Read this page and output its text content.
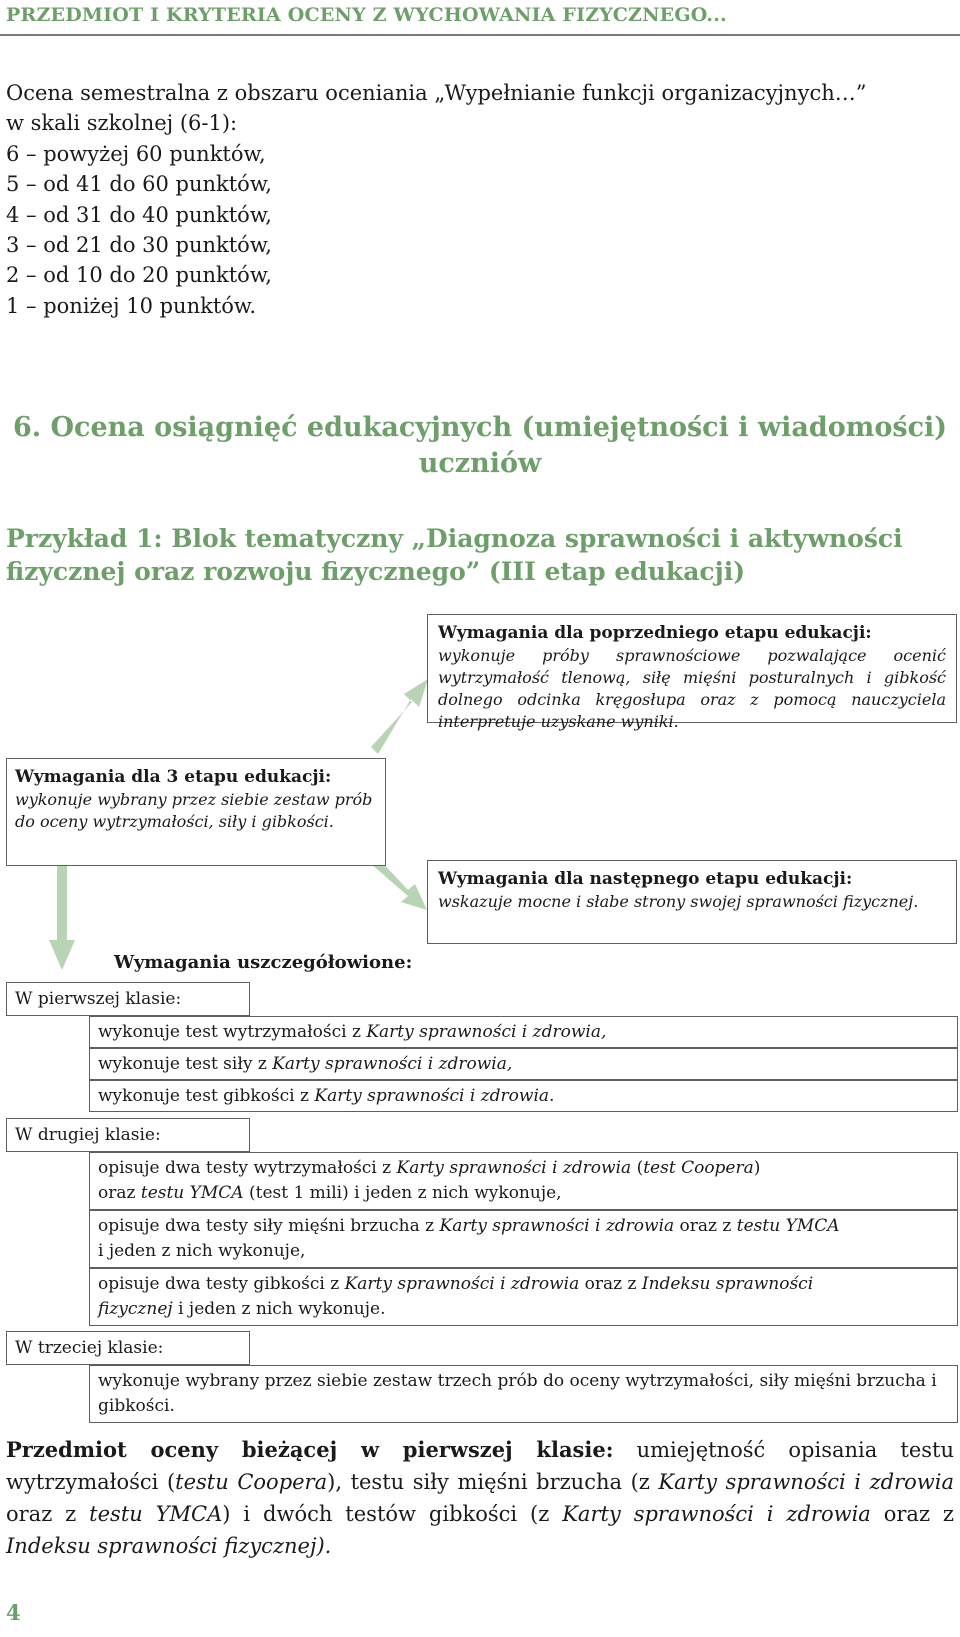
PRZEDMIOT I KRYTERIA OCENY Z WYCHOWANIA FIZYCZNEGO...
Ocena semestralna z obszaru oceniania „Wypełnianie funkcji organizacyjnych…”
w skali szkolnej (6-1):
6 – powyżej 60 punktów,
5 – od 41 do 60 punktów,
4 – od 31 do 40 punktów,
3 – od 21 do 30 punktów,
2 – od 10 do 20 punktów,
1 – poniżej 10 punktów.
6. Ocena osiągnięć edukacyjnych (umiejętności i wiadomości)
uczniów
Przykład 1: Blok tematyczny „Diagnoza sprawności i aktywności fizycznej oraz rozwoju fizycznego” (III etap edukacji)
Wymagania dla poprzedniego etapu edukacji:
wykonuje próby sprawnościowe pozwalające ocenić wytrzymałość tlenową, siłę mięśni posturalnych i gibkość dolnego odcinka kręgosłupa oraz z pomocą nauczyciela interpretuje uzyskane wyniki.
Wymagania dla 3 etapu edukacji:
wykonuje wybrany przez siebie zestaw prób do oceny wytrzymałości, siły i gibkości.
Wymagania dla następnego etapu edukacji:
wskazuje mocne i słabe strony swojej sprawności fizycznej.
Wymagania uszczegółowione:
W pierwszej klasie:
wykonuje test wytrzymałości z Karty sprawności i zdrowia,
wykonuje test siły z Karty sprawności i zdrowia,
wykonuje test gibkości z Karty sprawności i zdrowia.
W drugiej klasie:
opisuje dwa testy wytrzymałości z Karty sprawności i zdrowia (test Coopera)
oraz testu YMCA (test 1 mili) i jeden z nich wykonuje,
opisuje dwa testy siły mięśni brzucha z Karty sprawności i zdrowia oraz z testu YMCA
i jeden z nich wykonuje,
opisuje dwa testy gibkości z Karty sprawności i zdrowia oraz z Indeksu sprawności
fizycznej i jeden z nich wykonuje.
W trzeciej klasie:
wykonuje wybrany przez siebie zestaw trzech prób do oceny wytrzymałości, siły mięśni brzucha i gibkości.
Przedmiot oceny bieżącej w pierwszej klasie: umiejętność opisania testu wytrzymałości (testu Coopera), testu siły mięśni brzucha (z Karty sprawności i zdrowia oraz z testu YMCA) i dwóch testów gibkości (z Karty sprawności i zdrowia oraz z Indeksu sprawności fizycznej).
4
